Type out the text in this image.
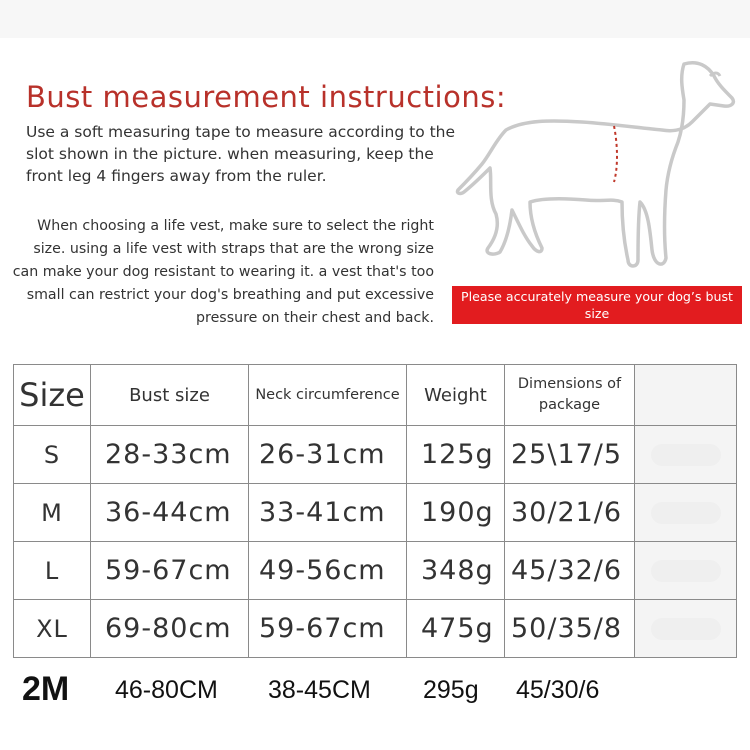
Bust measurement instructions:
Use a soft measuring tape to measure according to the slot shown in the picture. when measuring, keep the front leg 4 fingers away from the ruler.
When choosing a life vest, make sure to select the right size. using a life vest with straps that are the wrong size can make your dog resistant to wearing it. a vest that's too small can restrict your dog's breathing and put excessive pressure on their chest and back.
Please accurately measure your dog’s bust size
Size	Bust size	Neck circumference	Weight	Dimensions of package	
S	28-33cm	26-31cm	125g	25\17/5	

M	36-44cm	33-41cm	190g	30/21/6	

L	59-67cm	49-56cm	348g	45/32/6	

XL	69-80cm	59-67cm	475g	50/35/8	
2M 46-80CM 38-45CM 295g 45/30/6
